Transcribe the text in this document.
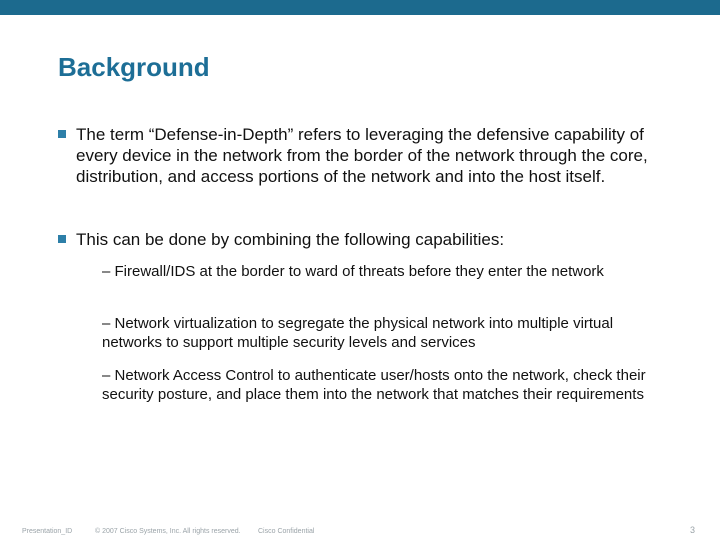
Background
The term “Defense-in-Depth” refers to leveraging the defensive capability of every device in the network from the border of the network through the core, distribution, and access portions of the network and into the host itself.
This can be done by combining the following capabilities:
– Firewall/IDS at the border to ward of threats before they enter the network
– Network virtualization to segregate the physical network into multiple virtual networks to support multiple security levels and services
– Network Access Control to authenticate user/hosts onto the network, check their security posture, and place them into the network that matches their requirements
Presentation_ID	© 2007 Cisco Systems, Inc. All rights reserved. Cisco Confidential	3
